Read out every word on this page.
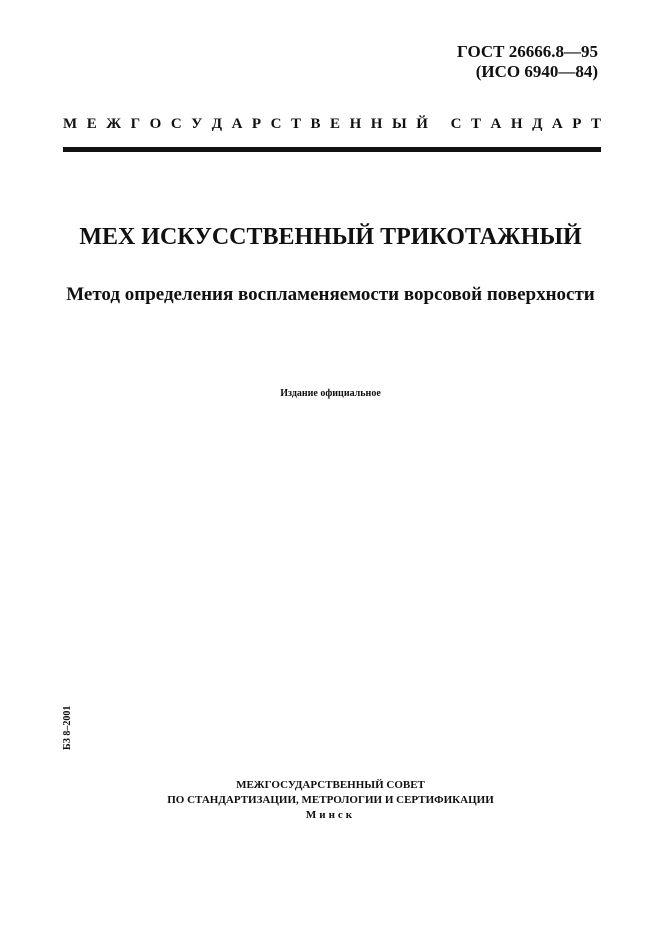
ГОСТ 26666.8—95
(ИСО 6940—84)
М Е Ж Г О С У Д А Р С Т В Е Н Н Ы Й
С Т А Н Д А Р Т
МЕХ ИСКУССТВЕННЫЙ ТРИКОТАЖНЫЙ
Метод определения воспламеняемости ворсовой поверхности
Издание официальное
БЗ 8–2001
МЕЖГОСУДАРСТВЕННЫЙ СОВЕТ
ПО СТАНДАРТИЗАЦИИ, МЕТРОЛОГИИ И СЕРТИФИКАЦИИ
Минск
